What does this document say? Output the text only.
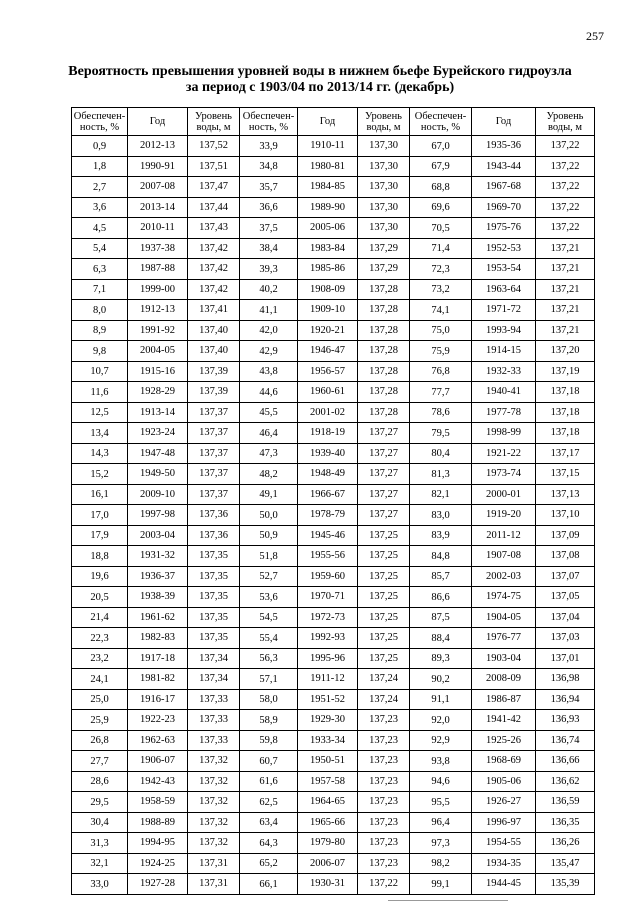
257
Вероятность превышения уровней воды в нижнем бьефе Бурейского гидроузла
за период с 1903/04 по 2013/14 гг. (декабрь)
Обеспечен-ность, %	Год	Уровень воды, м	Обеспечен-ность, %	Год	Уровень воды, м	Обеспечен-ность, %	Год	Уровень воды, м
0,9	2012-13	137,52	33,9	1910-11	137,30	67,0	1935-36	137,22
1,8	1990-91	137,51	34,8	1980-81	137,30	67,9	1943-44	137,22
2,7	2007-08	137,47	35,7	1984-85	137,30	68,8	1967-68	137,22
3,6	2013-14	137,44	36,6	1989-90	137,30	69,6	1969-70	137,22
4,5	2010-11	137,43	37,5	2005-06	137,30	70,5	1975-76	137,22
5,4	1937-38	137,42	38,4	1983-84	137,29	71,4	1952-53	137,21
6,3	1987-88	137,42	39,3	1985-86	137,29	72,3	1953-54	137,21
7,1	1999-00	137,42	40,2	1908-09	137,28	73,2	1963-64	137,21
8,0	1912-13	137,41	41,1	1909-10	137,28	74,1	1971-72	137,21
8,9	1991-92	137,40	42,0	1920-21	137,28	75,0	1993-94	137,21
9,8	2004-05	137,40	42,9	1946-47	137,28	75,9	1914-15	137,20
10,7	1915-16	137,39	43,8	1956-57	137,28	76,8	1932-33	137,19
11,6	1928-29	137,39	44,6	1960-61	137,28	77,7	1940-41	137,18
12,5	1913-14	137,37	45,5	2001-02	137,28	78,6	1977-78	137,18
13,4	1923-24	137,37	46,4	1918-19	137,27	79,5	1998-99	137,18
14,3	1947-48	137,37	47,3	1939-40	137,27	80,4	1921-22	137,17
15,2	1949-50	137,37	48,2	1948-49	137,27	81,3	1973-74	137,15
16,1	2009-10	137,37	49,1	1966-67	137,27	82,1	2000-01	137,13
17,0	1997-98	137,36	50,0	1978-79	137,27	83,0	1919-20	137,10
17,9	2003-04	137,36	50,9	1945-46	137,25	83,9	2011-12	137,09
18,8	1931-32	137,35	51,8	1955-56	137,25	84,8	1907-08	137,08
19,6	1936-37	137,35	52,7	1959-60	137,25	85,7	2002-03	137,07
20,5	1938-39	137,35	53,6	1970-71	137,25	86,6	1974-75	137,05
21,4	1961-62	137,35	54,5	1972-73	137,25	87,5	1904-05	137,04
22,3	1982-83	137,35	55,4	1992-93	137,25	88,4	1976-77	137,03
23,2	1917-18	137,34	56,3	1995-96	137,25	89,3	1903-04	137,01
24,1	1981-82	137,34	57,1	1911-12	137,24	90,2	2008-09	136,98
25,0	1916-17	137,33	58,0	1951-52	137,24	91,1	1986-87	136,94
25,9	1922-23	137,33	58,9	1929-30	137,23	92,0	1941-42	136,93
26,8	1962-63	137,33	59,8	1933-34	137,23	92,9	1925-26	136,74
27,7	1906-07	137,32	60,7	1950-51	137,23	93,8	1968-69	136,66
28,6	1942-43	137,32	61,6	1957-58	137,23	94,6	1905-06	136,62
29,5	1958-59	137,32	62,5	1964-65	137,23	95,5	1926-27	136,59
30,4	1988-89	137,32	63,4	1965-66	137,23	96,4	1996-97	136,35
31,3	1994-95	137,32	64,3	1979-80	137,23	97,3	1954-55	136,26
32,1	1924-25	137,31	65,2	2006-07	137,23	98,2	1934-35	135,47
33,0	1927-28	137,31	66,1	1930-31	137,22	99,1	1944-45	135,39
